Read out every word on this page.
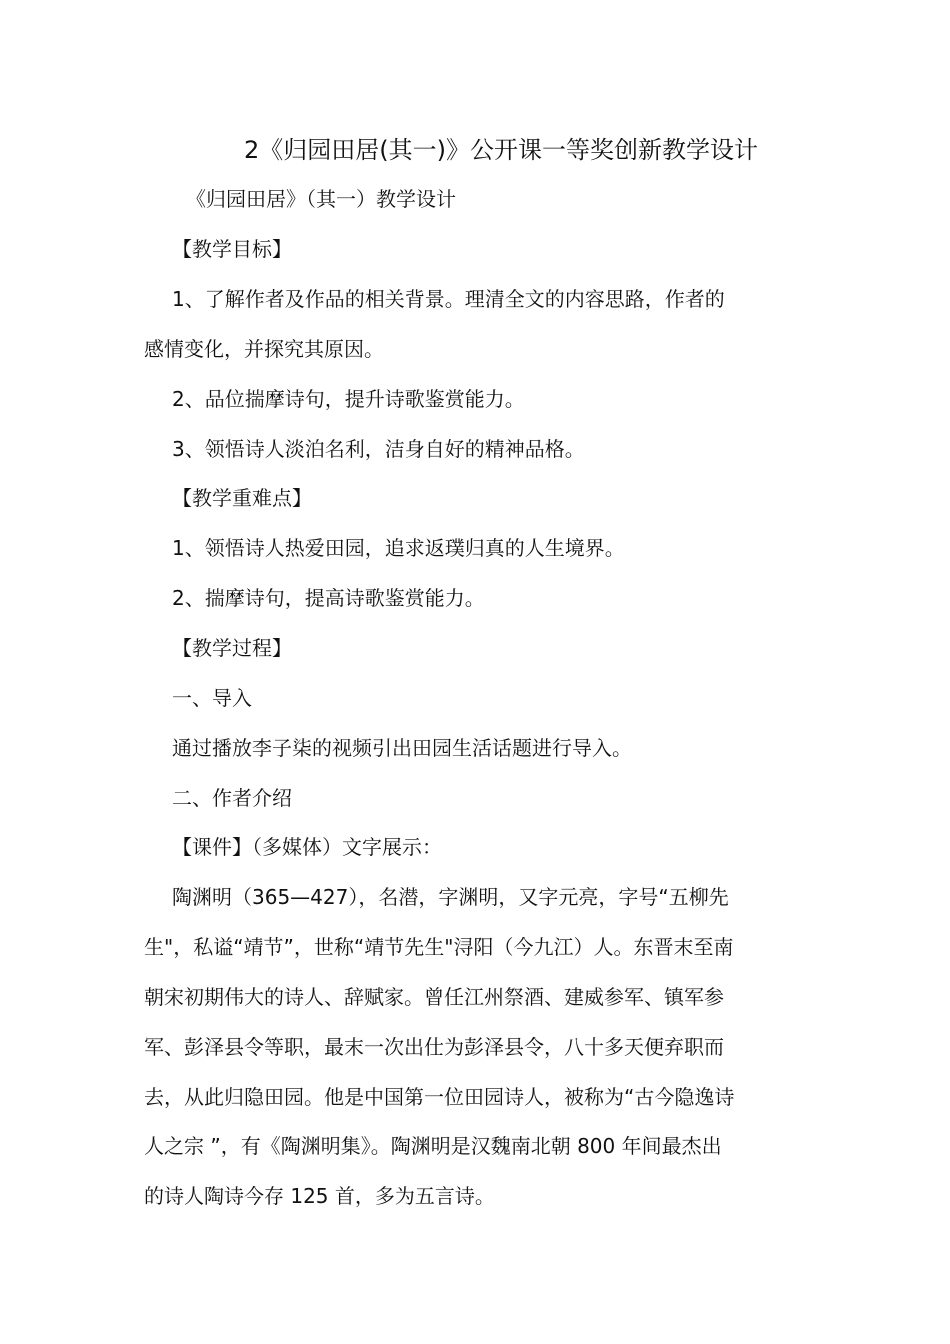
2《归园田居(其一)》公开课一等奖创新教学设计
《归园田居》（其一）教学设计
【教学目标】
1、了解作者及作品的相关背景。理清全文的内容思路，作者的
感情变化，并探究其原因。
2、品位揣摩诗句，提升诗歌鉴赏能力。
3、领悟诗人淡泊名利，洁身自好的精神品格。
【教学重难点】
1、领悟诗人热爱田园，追求返璞归真的人生境界。
2、揣摩诗句，提高诗歌鉴赏能力。
【教学过程】
一、导入
通过播放李子柒的视频引出田园生活话题进行导入。
二、作者介绍
【课件】（多媒体）文字展示：
陶渊明（365—427），名潜，字渊明，又字元亮，字号“五柳先
生"，私谥“靖节”，世称“靖节先生"浔阳（今九江）人。东晋末至南
朝宋初期伟大的诗人、辞赋家。曾任江州祭酒、建威参军、镇军参
军、彭泽县令等职，最末一次出仕为彭泽县令，八十多天便弃职而
去，从此归隐田园。他是中国第一位田园诗人，被称为“古今隐逸诗
人之宗 ”，有《陶渊明集》。陶渊明是汉魏南北朝 800 年间最杰出
的诗人陶诗今存 125 首，多为五言诗。
